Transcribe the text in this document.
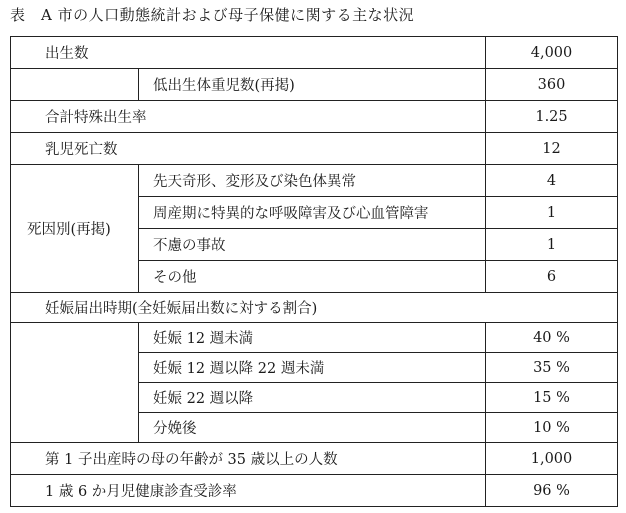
表　A 市の人口動態統計および母子保健に関する主な状況
出生数		4,000
	低出生体重児数(再掲)	360
合計特殊出生率		1.25
乳児死亡数		12
死因別(再掲)	先天奇形、変形及び染色体異常	4
	周産期に特異的な呼吸障害及び心血管障害	1
	不慮の事故	1
	その他	6
妊娠届出時期(全妊娠届出数に対する割合)		
	妊娠 12 週未満	40 %
	妊娠 12 週以降 22 週未満	35 %
	妊娠 22 週以降	15 %
	分娩後	10 %
第 1 子出産時の母の年齢が 35 歳以上の人数		1,000
1 歳 6 か月児健康診査受診率		96 %
